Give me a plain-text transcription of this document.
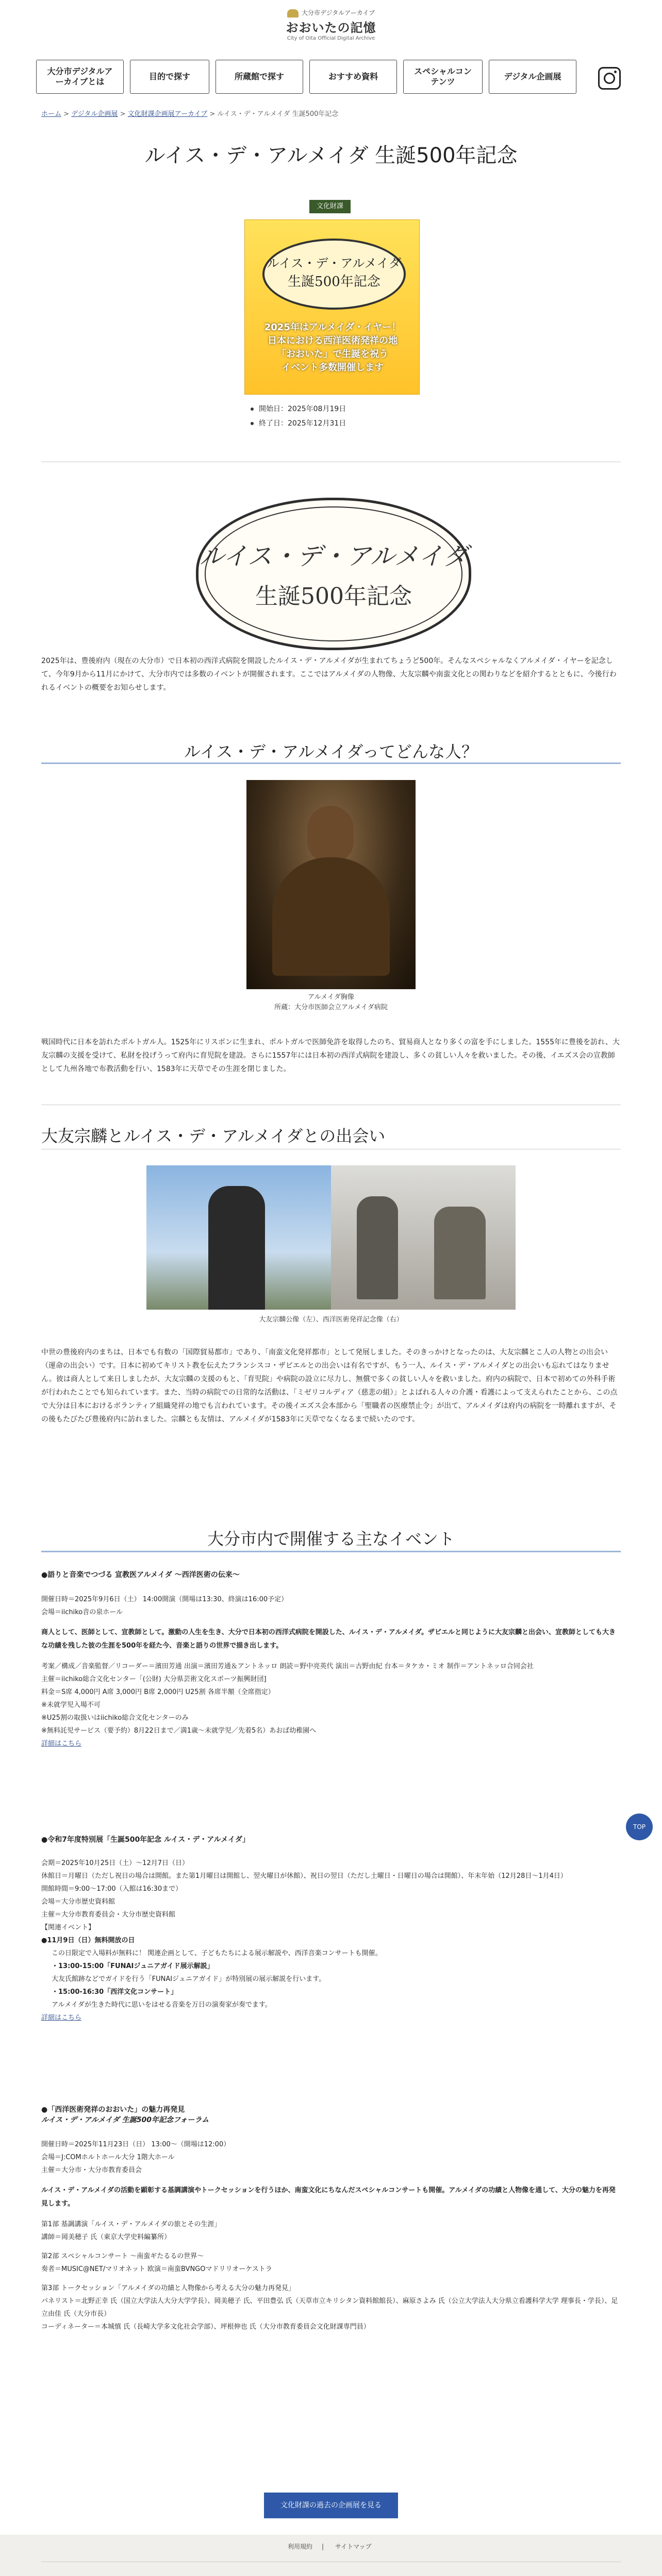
大分市デジタルアーカイブ
おおいたの記憶
City of Oita Official Digital Archive
大分市デジタルアーカイブとは
目的で探す	所蔵館で探す	おすすめ資料
スペシャルコンテンツ
デジタル企画展
ホーム > デジタル企画展 > 文化財課企画展アーカイブ > ルイス・デ・アルメイダ 生誕500年記念
ルイス・デ・アルメイダ 生誕500年記念
文化財課
ルイス・デ・アルメイダ
生誕500年記念
2025年はアルメイダ・イヤー！
日本における西洋医術発祥の地
「おおいた」で生誕を祝う
イベント多数開催します
開始日：2025年08月19日
終了日：2025年12月31日
ルイス・デ・アルメイダ
生誕500年記念
2025年は、豊後府内（現在の大分市）で日本初の西洋式病院を開設したルイス・デ・アルメイダが生まれてちょうど500年。そんなスペシャルなくアルメイダ・イヤーを記念して、今年9月から11月にかけて、大分市内では多数のイベントが開催されます。ここではアルメイダの人物像、大友宗麟や南蛮文化との関わりなどを紹介するとともに、今後行われるイベントの概要をお知らせします。
ルイス・デ・アルメイダってどんな人？
アルメイダ胸像
所蔵：大分市医師会立アルメイダ病院
戦国時代に日本を訪れたポルトガル人。1525年にリスボンに生まれ、ポルトガルで医師免許を取得したのち、貿易商人となり多くの富を手にしました。1555年に豊後を訪れ、大友宗麟の支援を受けて、私財を投げうって府内に育児院を建設。さらに1557年には日本初の西洋式病院を建設し、多くの貧しい人々を救いました。その後、イエズス会の宣教師として九州各地で布教活動を行い、1583年に天草でその生涯を閉じました。
大友宗麟とルイス・デ・アルメイダとの出会い
大友宗麟公像（左）、西洋医術発祥記念像（右）
中世の豊後府内のまちは、日本でも有数の「国際貿易都市」であり、「南蛮文化発祥都市」として発展しました。そのきっかけとなったのは、大友宗麟とこ人の人物との出会い（運命の出会い）です。日本に初めてキリスト教を伝えたフランシスコ・ザビエルとの出会いは有名ですが、もう一人、ルイス・デ・アルメイダとの出会いも忘れてはなりません。彼は商人として来日しましたが、大友宗麟の支援のもと、「育児院」や病院の設立に尽力し、無償で多くの貧しい人々を救いました。府内の病院で、日本で初めての外科手術が行われたことでも知られています。また、当時の病院での日常的な活動は、「ミゼリコルディア（慈悲の組）」とよばれる人々の介護・看護によって支えられたことから、この点で大分は日本におけるボランティア組織発祥の地でも言われています。その後イエズス会本部から「聖職者の医療禁止令」が出て、アルメイダは府内の病院を一時離れますが、その後もたびたび豊後府内に訪れました。宗麟とも友情は、アルメイダが1583年に天草でなくなるまで続いたのです。
大分市内で開催する主なイベント
●語りと音楽でつづる 宣教医アルメイダ ～西洋医術の伝来～
開催日時＝2025年9月6日（土） 14:00開演（開場は13:30、終演は16:00予定）
会場＝iichiko音の泉ホール
商人として、医師として、宣教師として。激動の人生を生き、大分で日本初の西洋式病院を開設した、ルイス・デ・アルメイダ。ザビエルと同じように大友宗麟と出会い、宣教師としても大きな功績を残した彼の生涯を500年を経た今、音楽と語りの世界で描き出します。
考案／構成／音楽監督／リコーダー＝濱田芳通 出演＝濱田芳通＆アントネッロ 朗読＝野中亮英代 演出＝古野由紀 台本＝タケカ・ミオ 制作＝アントネッロ合同会社
主催＝iichiko総合文化センター「(公財) 大分県芸術文化スポーツ振興財団]
料金＝S席 4,000円 A席 3,000円 B席 2,000円 U25割 各席半額（全席指定）
※未就学児入場不可
※U25割の取扱いはiichiko総合文化センターのみ
※無料託児サービス（要予約）8月22日まで／満1歳～未就学児／先着5名）あおば幼稚園へ
詳細はこちら
●令和7年度特別展「生誕500年記念 ルイス・デ・アルメイダ」
会期＝2025年10月25日（土）～12月7日（日）
休館日＝月曜日（ただし祝日の場合は開館。また第1月曜日は開館し、翌火曜日が休館）、祝日の翌日（ただし土曜日・日曜日の場合は開館）、年末年始（12月28日～1月4日）
開館時間＝9:00～17:00（入館は16:30まで）
会場＝大分市歴史資料館
主催＝大分市教育委員会・大分市歴史資料館
【関連イベント】
●11月9日（日）無料開放の日
この日限定で入場料が無料に！ 関連企画として、子どもたちによる展示解説や、西洋音楽コンサートも開催。
・13:00-15:00「FUNAIジュニアガイド展示解説」
大友氏館跡などでガイドを行う「FUNAIジュニアガイド」が特別展の展示解説を行います。
・15:00-16:30「西洋文化コンサート」
アルメイダが生きた時代に思いをはせる音楽を万日の演奏家が奏でます。
詳細はこちら
●「西洋医術発祥のおおいた」の魅力再発見
ルイス・デ・アルメイダ 生誕500年記念フォーラム
開催日時＝2025年11月23日（日） 13:00～（開場は12:00）
会場＝J:COMホルトホール大分 1階大ホール
主催＝大分市・大分市教育委員会
ルイス・デ・アルメイダの活動を顕彰する基調講演やトークセッションを行うほか、南蛮文化にちなんだスペシャルコンサートも開催。アルメイダの功績と人物像を通して、大分の魅力を再発見します。
第1部 基調講演「ルイス・デ・アルメイダの旅とその生涯」
講師＝岡美穂子 氏（東京大学史料編纂所）
第2部 スペシャルコンサート ～南蛮ギたるるの世界～
奏者＝MUSIC@NET/マリオネット 欧演＝南蛮BVNGOマドリリオーケストラ
第3部 トークセッション「アルメイダの功績と人物像から考える大分の魅力再発見」
パネリスト＝北野正幸 氏（国立大学法人大分大学学長）、岡美穂子 氏、平田豊弘 氏（天草市立キリシタン資料館館長）、麻原さよみ 氏（公立大学法人大分県立看護科学大学 理事長・学長）、足立由佳 氏（大分市長）
コーディネーター＝本城慎 氏（長崎大学多文化社会学部）、坪根伸也 氏（大分市教育委員会文化財課専門員）
文化財課の過去の企画展を見る
TOP
利用規約 | サイトマップ
